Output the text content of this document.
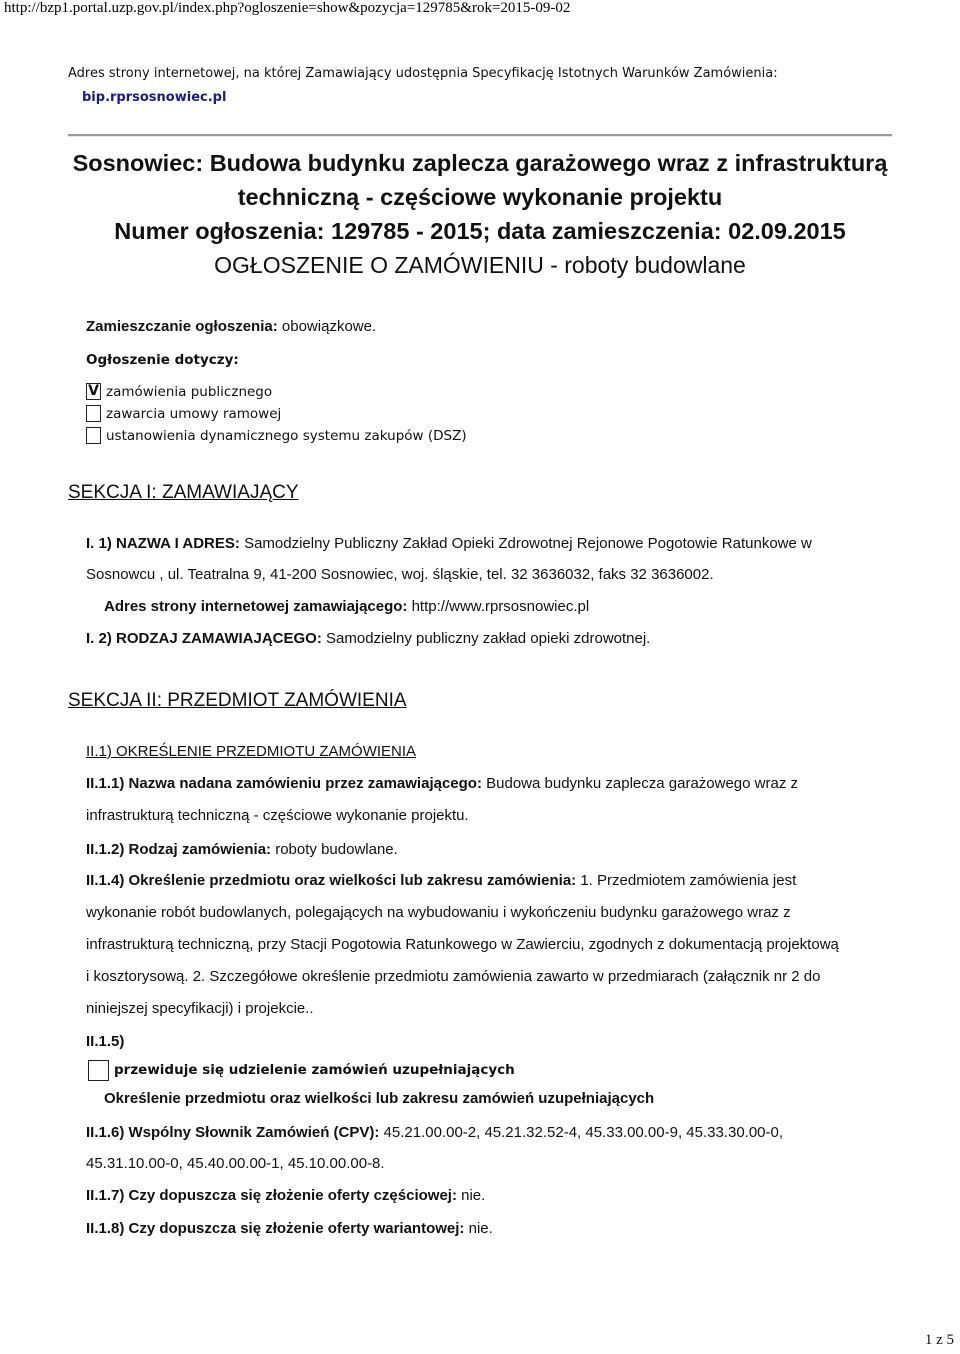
http://bzp1.portal.uzp.gov.pl/index.php?ogloszenie=show&pozycja=129785&rok=2015-09-02
Adres strony internetowej, na której Zamawiający udostępnia Specyfikację Istotnych Warunków Zamówienia:
bip.rprsosnowiec.pl
Sosnowiec: Budowa budynku zaplecza garażowego wraz z infrastrukturą
techniczną - częściowe wykonanie projektu
Numer ogłoszenia: 129785 - 2015; data zamieszczenia: 02.09.2015
OGŁOSZENIE O ZAMÓWIENIU - roboty budowlane
Zamieszczanie ogłoszenia: obowiązkowe.
Ogłoszenie dotyczy:
V zamówienia publicznego
zawarcia umowy ramowej
ustanowienia dynamicznego systemu zakupów (DSZ)
SEKCJA I: ZAMAWIAJĄCY
I. 1) NAZWA I ADRES: Samodzielny Publiczny Zakład Opieki Zdrowotnej Rejonowe Pogotowie Ratunkowe w
Sosnowcu , ul. Teatralna 9, 41-200 Sosnowiec, woj. śląskie, tel. 32 3636032, faks 32 3636002.
Adres strony internetowej zamawiającego: http://www.rprsosnowiec.pl
I. 2) RODZAJ ZAMAWIAJĄCEGO: Samodzielny publiczny zakład opieki zdrowotnej.
SEKCJA II: PRZEDMIOT ZAMÓWIENIA
II.1) OKREŚLENIE PRZEDMIOTU ZAMÓWIENIA
II.1.1) Nazwa nadana zamówieniu przez zamawiającego: Budowa budynku zaplecza garażowego wraz z
infrastrukturą techniczną - częściowe wykonanie projektu.
II.1.2) Rodzaj zamówienia: roboty budowlane.
II.1.4) Określenie przedmiotu oraz wielkości lub zakresu zamówienia: 1. Przedmiotem zamówienia jest
wykonanie robót budowlanych, polegających na wybudowaniu i wykończeniu budynku garażowego wraz z
infrastrukturą techniczną, przy Stacji Pogotowia Ratunkowego w Zawierciu, zgodnych z dokumentacją projektową
i kosztorysową. 2. Szczegółowe określenie przedmiotu zamówienia zawarto w przedmiarach (załącznik nr 2 do
niniejszej specyfikacji) i projekcie..
II.1.5)
przewiduje się udzielenie zamówień uzupełniających
Określenie przedmiotu oraz wielkości lub zakresu zamówień uzupełniających
II.1.6) Wspólny Słownik Zamówień (CPV): 45.21.00.00-2, 45.21.32.52-4, 45.33.00.00-9, 45.33.30.00-0,
45.31.10.00-0, 45.40.00.00-1, 45.10.00.00-8.
II.1.7) Czy dopuszcza się złożenie oferty częściowej: nie.
II.1.8) Czy dopuszcza się złożenie oferty wariantowej: nie.
1 z 5
